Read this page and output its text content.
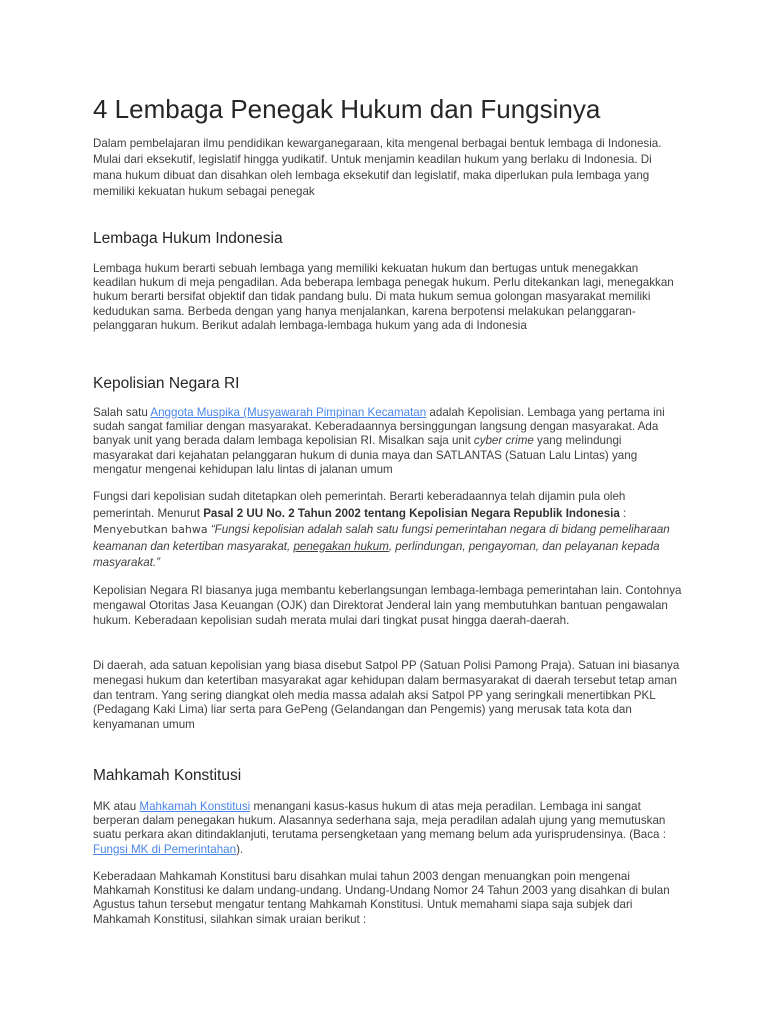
4 Lembaga Penegak Hukum dan Fungsinya

Dalam pembelajaran ilmu pendidikan kewarganegaraan, kita mengenal berbagai bentuk lembaga di Indonesia. Mulai dari eksekutif, legislatif hingga yudikatif. Untuk menjamin keadilan hukum yang berlaku di Indonesia. Di mana hukum dibuat dan disahkan oleh lembaga eksekutif dan legislatif, maka diperlukan pula lembaga yang memiliki kekuatan hukum sebagai penegak

Lembaga Hukum Indonesia

Lembaga hukum berarti sebuah lembaga yang memiliki kekuatan hukum dan bertugas untuk menegakkan keadilan hukum di meja pengadilan. Ada beberapa lembaga penegak hukum. Perlu ditekankan lagi, menegakkan hukum berarti bersifat objektif dan tidak pandang bulu. Di mata hukum semua golongan masyarakat memiliki kedudukan sama. Berbeda dengan yang hanya menjalankan, karena berpotensi melakukan pelanggaran-pelanggaran hukum. Berikut adalah lembaga-lembaga hukum yang ada di Indonesia

Kepolisian Negara RI

Salah satu Anggota Muspika (Musyawarah Pimpinan Kecamatan adalah Kepolisian. Lembaga yang pertama ini sudah sangat familiar dengan masyarakat. Keberadaannya bersinggungan langsung dengan masyarakat. Ada banyak unit yang berada dalam lembaga kepolisian RI. Misalkan saja unit cyber crime yang melindungi masyarakat dari kejahatan pelanggaran hukum di dunia maya dan SATLANTAS (Satuan Lalu Lintas) yang mengatur mengenai kehidupan lalu lintas di jalanan umum

Fungsi dari kepolisian sudah ditetapkan oleh pemerintah. Berarti keberadaannya telah dijamin pula oleh pemerintah. Menurut Pasal 2 UU No. 2 Tahun 2002 tentang Kepolisian Negara Republik Indonesia : Menyebutkan bahwa “Fungsi kepolisian adalah salah satu fungsi pemerintahan negara di bidang pemeliharaan keamanan dan ketertiban masyarakat, penegakan hukum, perlindungan, pengayoman, dan pelayanan kepada masyarakat.”

Kepolisian Negara RI biasanya juga membantu keberlangsungan lembaga-lembaga pemerintahan lain. Contohnya mengawal Otoritas Jasa Keuangan (OJK) dan Direktorat Jenderal lain yang membutuhkan bantuan pengawalan hukum. Keberadaan kepolisian sudah merata mulai dari tingkat pusat hingga daerah-daerah.

Di daerah, ada satuan kepolisian yang biasa disebut Satpol PP (Satuan Polisi Pamong Praja). Satuan ini biasanya menegasi hukum dan ketertiban masyarakat agar kehidupan dalam bermasyarakat di daerah tersebut tetap aman dan tentram. Yang sering diangkat oleh media massa adalah aksi Satpol PP yang seringkali menertibkan PKL (Pedagang Kaki Lima) liar serta para GePeng (Gelandangan dan Pengemis) yang merusak tata kota dan kenyamanan umum

Mahkamah Konstitusi

MK atau Mahkamah Konstitusi menangani kasus-kasus hukum di atas meja peradilan. Lembaga ini sangat berperan dalam penegakan hukum. Alasannya sederhana saja, meja peradilan adalah ujung yang memutuskan suatu perkara akan ditindaklanjuti, terutama persengketaan yang memang belum ada yurisprudensinya. (Baca : Fungsi MK di Pemerintahan).

Keberadaan Mahkamah Konstitusi baru disahkan mulai tahun 2003 dengan menuangkan poin mengenai Mahkamah Konstitusi ke dalam undang-undang. Undang-Undang Nomor 24 Tahun 2003 yang disahkan di bulan Agustus tahun tersebut mengatur tentang Mahkamah Konstitusi. Untuk memahami siapa saja subjek dari Mahkamah Konstitusi, silahkan simak uraian berikut :
